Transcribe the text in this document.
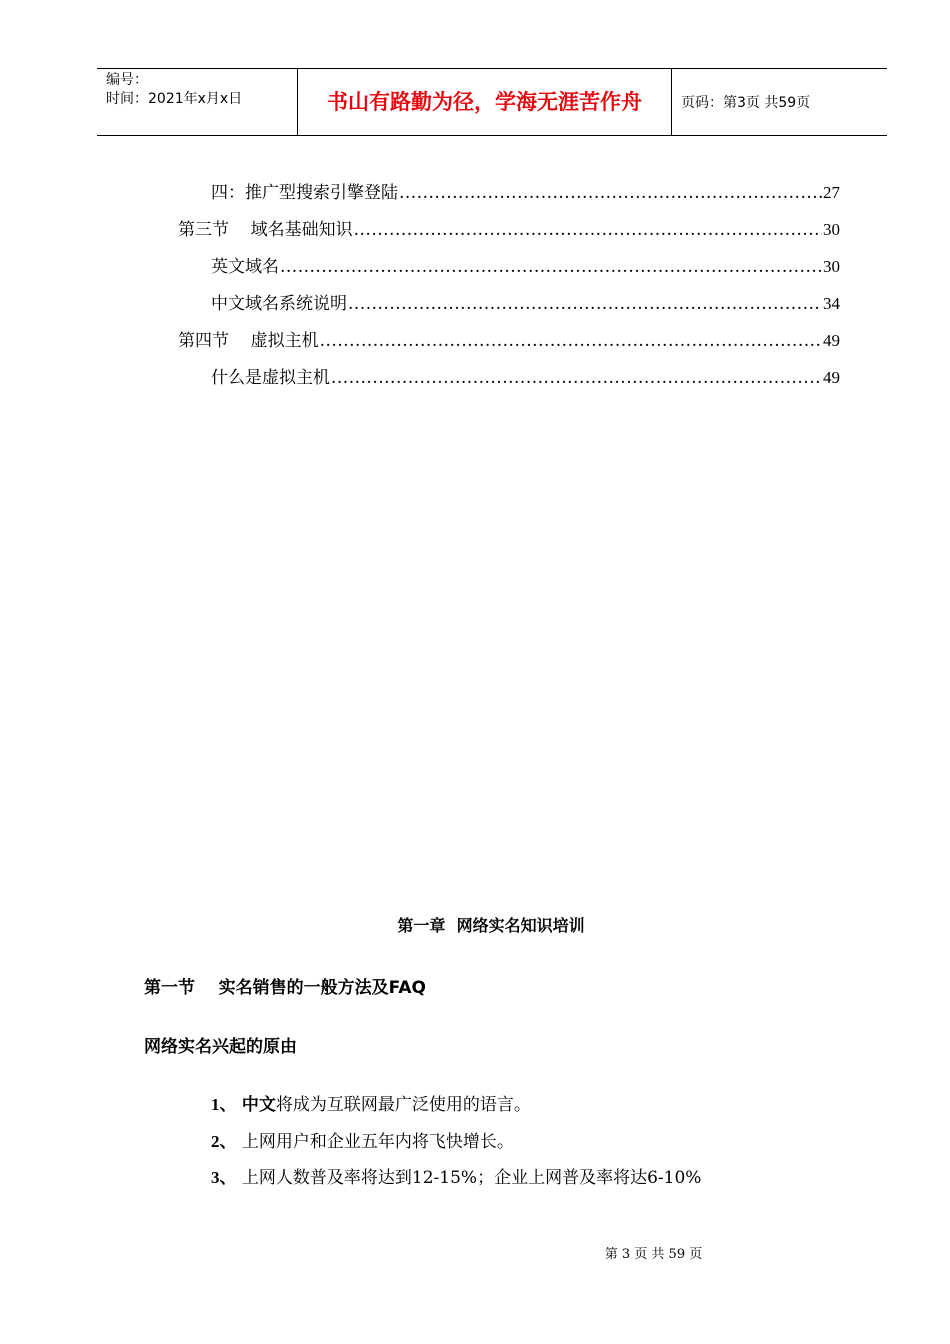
编号：
时间：2021年x月x日	书山有路勤为径，学海无涯苦作舟	页码：第3页 共59页
四：推广型搜索引擎登陆 .....	27
第三节    域名基础知识 .....	30
英文域名 .....	30
中文域名系统说明 .....	34
第四节    虚拟主机 .....	49
什么是虚拟主机 .....	49
第一章  网络实名知识培训
第一节    实名销售的一般方法及FAQ
网络实名兴起的原由
1、 中文将成为互联网最广泛使用的语言。
2、 上网用户和企业五年内将飞快增长。
3、 上网人数普及率将达到12-15%；企业上网普及率将达6-10%
第 3 页 共 59 页
